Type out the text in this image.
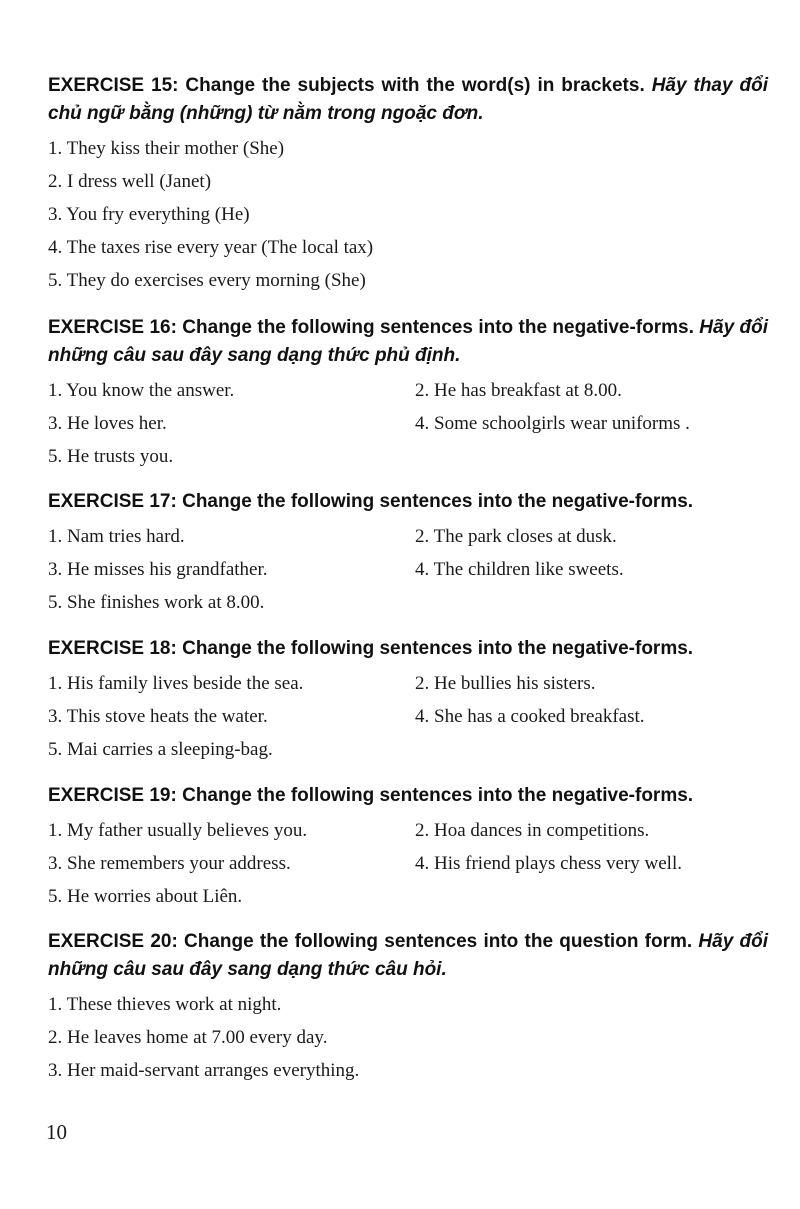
EXERCISE 15: Change the subjects with the word(s) in brackets. Hãy thay đổi chủ ngữ bằng (những) từ nằm trong ngoặc đơn.

1. They kiss their mother (She)
2. I dress well (Janet)
3. You fry everything (He)
4. The taxes rise every year (The local tax)
5. They do exercises every morning (She)

EXERCISE 16: Change the following sentences into the negative-forms. Hãy đổi những câu sau đây sang dạng thức phủ định.

1. You know the answer.	2. He has breakfast at 8.00.
3. He loves her.	4. Some schoolgirls wear uniforms .
5. He trusts you.

EXERCISE 17: Change the following sentences into the negative-forms.

1. Nam tries hard.	2. The park closes at dusk.
3. He misses his grandfather.	4. The children like sweets.
5. She finishes work at 8.00.

EXERCISE 18: Change the following sentences into the negative-forms.

1. His family lives beside the sea.	2. He bullies his sisters.
3. This stove heats the water.	4. She has a cooked breakfast.
5. Mai carries a sleeping-bag.

EXERCISE 19: Change the following sentences into the negative-forms.

1. My father usually believes you.	2. Hoa dances in competitions.
3. She remembers your address.	4. His friend plays chess very well.
5. He worries about Liên.

EXERCISE 20: Change the following sentences into the question form. Hãy đổi những câu sau đây sang dạng thức câu hỏi.

1. These thieves work at night.
2. He leaves home at 7.00 every day.
3. Her maid-servant arranges everything.
10
